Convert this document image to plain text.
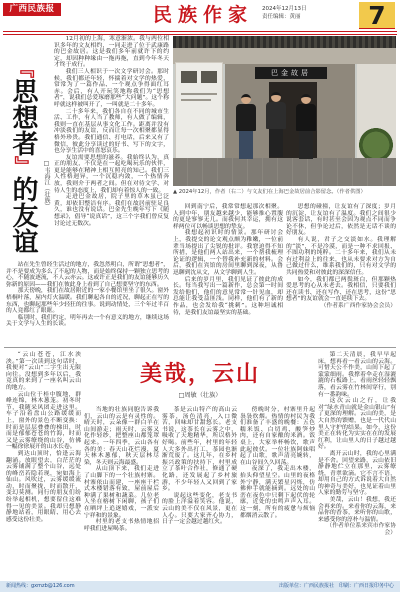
广西民族报	民族作家	2024年12月13日
责任编辑：黄丽	7
『思想者』的友谊 □韦海江（壮族）

12月初的上海，寒意渐浓。我与两位相识多年的文友相约，一同走进了位于武康路的巴金故居。这是我们多年前就许下的约定，却因种种缘由一拖再拖，直到今年冬天才终于成行。

我们三人相识于一次文学研讨会。那时候，我们都还年轻，怀揣着对文学的热爱，常常为了一篇作品、一个观点争得面红耳赤。会后，有人开玩笑地称我们为“思想者”，说我们总爱琢磨那些“大问题”。这个称呼就这样被叫开了，一叫就是二十多年。

二十多年来，我们各自在不同的城市生活、工作，有人当了教师，有人做了编辑，我则一直在基层从事文化工作。距离并没有冲淡我们的友谊，反而让每一次相聚都显得格外珍贵。我们通信、打电话，后来又有了微信，彼此分享读过的好书、写下的文字，也分享生活中的喜怒哀乐。

友谊需要思想的滋养。我始终认为，真正的朋友，不仅是在一起吃喝玩乐的伙伴，更是能够在精神上相互照亮的知己。我们三人性格迥异，一个沉稳内敛，一个热情奔放，我则介于两者之间。但在对待文学、对待人生的态度上，我们却有着惊人的一致。

走进巴金故居，院子里的草木虽已泛黄，却依旧整洁有序。我们在故居前驻足良久，谁也没有说话。巴金先生晚年写下《随想录》，倡导“说真话”，这三个字我们曾反复讨论过无数次。

站在先生曾经生活过的地方，我忽然明白，所谓“思想者”，并不是要成为多么了不起的人物，而是始终保持一颗独立思考的心，不随波逐流，不人云亦云。这或许正是我们的友谊能够历久弥新的原因——我们在彼此身上看到了自己想要坚守的东西。

那天傍晚，我们在故居附近的一家小餐馆里坐了很久。窗外梧桐叶落，屋内灯火温暖。我们聊起各自的近况，聊起正在写的东西，也聊起那些年少轻狂的往事。说到动情处，三个年过半百的人竟都红了眼眶。

临别时，我们约定，明年再去一个有意义的地方，继续这场关于文学与人生的长谈。

巴金故居
▲ 2024年12月，作者（右二）与文友们在上海巴金故居前合影留念。（作者供图）

回到南宁后，我常常想起那次相聚。人到中年，朋友越来越少，能够推心置腹的更是寥寥无几。而我何其幸运，拥有这样两位可以畅谈思想的挚友。

我想起初识时的情景。那年研讨会上，我提交的论文观点颇为稚嫩，一位前辈当场提出了尖锐的批评。我窘迫得不知所措，是他们两人站出来，一个帮我梳理论证的逻辑，一个替我补充新的材料。会后，我们在宾馆的房间里聊到深夜，从鲁迅聊到沈从文，从文学聊到人生。

后来的岁月里，我们见证了彼此的成长。每当我写出一篇新作，总会第一时间发给他们，他们的意见常常一针见血，却总能让我受益匪浅。同样，他们有了新的作品，也会发给我“挑刺”。这种坦诚相待，是我们友谊最坚实的基础。

思想的碰撞，让友谊有了深度；岁月的沉淀，让友谊有了温度。我们之间很少说客套话，有时甚至会因为观点不同而争论不休，但争论过后，依然是无话不谈的好朋友。

有人说，君子之交淡如水。我理解的“淡”，不是冷漠，而是一种不求回报、不图功利的纯粹。二十多年来，我们从未有过利益上的往来，也从未要求对方为自己做过什么，维系我们的，只有对文学的共同热爱和对彼此的深深信任。

如今，我们都已两鬓斑白，但那颗热爱思考的心从未老去。我相信，只要我们还在读书、还在写作、还在思考，这份“思想者”的友谊就会一直延续下去。

（作者系广西作家协会会员）

美哉，云山
□周敏（壮族）

“云山苍苍，江水泱泱。”第一次读到这句话时，我便对“云山”二字生出无限向往。没想到多年以后，我竟真的来到了一座名叫云山的地方。

云山位于桂中腹地，群峰连绵，林木葱茏。初冬时节，我随采风团走进这里。车子沿着盘山公路缓缓而上，窗外的景色不断变换：时而是层层叠叠的梯田，时而是郁郁苍苍的竹海，时而又是云雾缭绕的山谷，仿佛一幅徐徐展开的山水长卷。

到达山顶时，恰逢云海翻涌。放眼望去，白茫茫的云雾铺满了整个山谷，远处的峰峦若隐若现，宛如海上仙山。风吹过，云雾缓缓流动，时而聚拢，时而散开，变幻莫测。同行的朋友们纷纷举起相机，想要留住这难得一见的美景。我却只想静静地站着，用眼睛、用心去感受这份壮美。

当地的壮族同胞告诉我们，云山的云是有灵性的。晴天时，云朵像一群白羊在山间游走；雨天时，云雾又化作轻纱，把整座山都笼罩起来。一年四季，云山各有各的美：春天山花烂漫，夏天林木葱郁，秋天层林尽染，冬天则云海最盛。

从山顶下来，我们走进了山脚下的一个壮族村寨。村寨依山而建，一座座干栏式木楼错落有致，屋前屋后种满了果树和蔬菜。几位老人坐在榕树下闲聊，孩子们在晒坪上追逐嬉戏，一派安宁祥和的景象。

村里的老支书热情地招呼我们进屋喝茶。

茶是云山特产的高山云雾茶，汤色清亮，入口微苦，回味却甘甜悠长。老支书说，这茶长在云雾之中，吸收了天地精华，所以格外好喝。前些年，村里的年轻人大多外出打工，茶园也渐渐荒废了。这几年，在乡村振兴政策的扶持下，村里成立了茶叶合作社，修通了硬化路，还发展起了乡村旅游，不少年轻人又回到了家乡。

说起这些变化，老支书的脸上洋溢着笑容。他说，云山的美不仅在风景，更在人心。只要大家齐心协力，日子一定会越过越红火。

傍晚时分，村寨里升起袅袅炊烟。热情的村民为我们准备了丰盛的晚餐：五色糯米饭、白切鸡、酸笋炒肉，还有自家酿的米酒。饭桌上，大家举杯畅饮，歌声此起彼伏。一位壮族阿妹唱起了山歌，歌声清亮婉转，在山谷间久久回荡。

夜深了，我走出木楼，抬头仰望星空。山里的夜格外宁静，满天繁星闪烁，仿佛伸手就能摘到。远处的山峦在夜色中只剩下起伏的轮廓，近处的虫鸣声声入耳。这一刻，所有的疲惫与烦恼都烟消云散了。

第二天清晨，我早早起床，想再看一看云山的云海。可惜天公不作美，山间下起了蒙蒙细雨。我撑着伞走在湿漉漉的石板路上，看雨丝轻轻飘落，看云雾在竹林间穿行，别有一番韵味。

这次云山之行，让我对“绿水青山就是金山银山”有了更深的理解。云山的美，是大自然的馈赠，也是一代代山里人守护的结果。如今，这份美正在转化为实实在在的发展红利，让山里人的日子越过越好。

离开云山时，我的心里满是不舍。回望来路，云山依旧静静地伫立在那里，云雾缭绕，青翠欲滴。它不言不语，却用自己的方式诉说着大自然的神奇与美好，也见证着山里人家的勤劳与坚守。

美哉，云山！我想，我还会再来的。来看你的云海，来品你的香茶，来听你的山歌，来感受你的淳朴与温情。

（作者单位系来宾市作家协会）

新闻热线：gxmzb@126.com	出版单位：广西民族报社　印刷：广西日报印务中心
